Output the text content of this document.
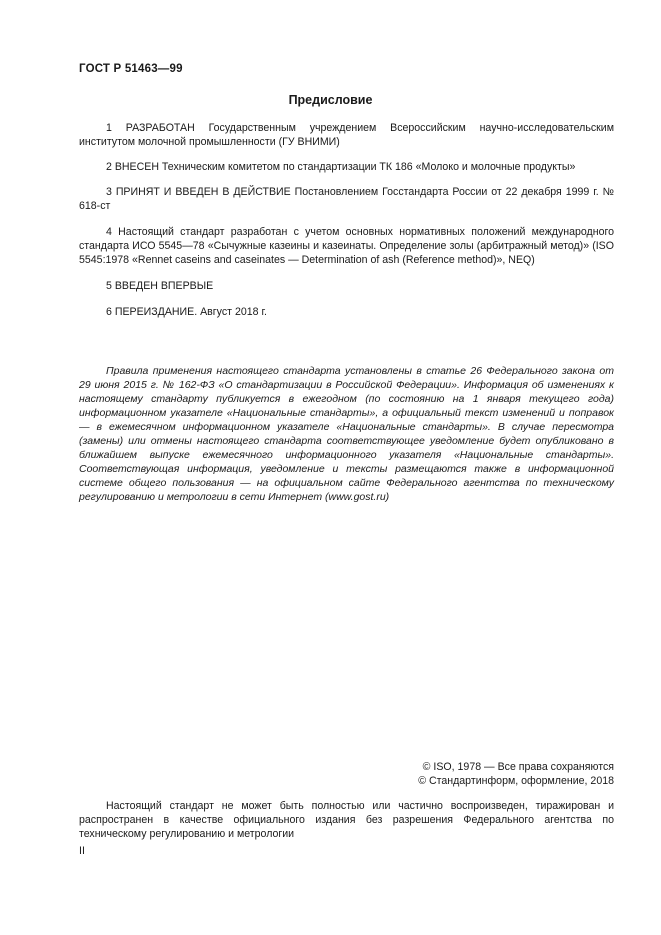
ГОСТ Р 51463—99
Предисловие
1 РАЗРАБОТАН Государственным учреждением Всероссийским научно-исследовательским институтом молочной промышленности (ГУ ВНИМИ)
2 ВНЕСЕН Техническим комитетом по стандартизации ТК 186 «Молоко и молочные продукты»
3 ПРИНЯТ И ВВЕДЕН В ДЕЙСТВИЕ Постановлением Госстандарта России от 22 декабря 1999 г. № 618-ст
4 Настоящий стандарт разработан с учетом основных нормативных положений международного стандарта ИСО 5545—78 «Сычужные казеины и казеинаты. Определение золы (арбитражный метод)» (ISO 5545:1978 «Rennet caseins and caseinates — Determination of ash (Reference method)», NEQ)
5 ВВЕДЕН ВПЕРВЫЕ
6 ПЕРЕИЗДАНИЕ. Август 2018 г.
Правила применения настоящего стандарта установлены в статье 26 Федерального закона от 29 июня 2015 г. № 162-ФЗ «О стандартизации в Российской Федерации». Информация об изменениях к настоящему стандарту публикуется в ежегодном (по состоянию на 1 января текущего года) информационном указателе «Национальные стандарты», а официальный текст изменений и поправок — в ежемесячном информационном указателе «Национальные стандарты». В случае пересмотра (замены) или отмены настоящего стандарта соответствующее уведомление будет опубликовано в ближайшем выпуске ежемесячного информационного указателя «Национальные стандарты». Соответствующая информация, уведомление и тексты размещаются также в информационной системе общего пользования — на официальном сайте Федерального агентства по техническому регулированию и метрологии в сети Интернет (www.gost.ru)
© ISO, 1978 — Все права сохраняются
© Стандартинформ, оформление, 2018
Настоящий стандарт не может быть полностью или частично воспроизведен, тиражирован и распространен в качестве официального издания без разрешения Федерального агентства по техническому регулированию и метрологии
II
